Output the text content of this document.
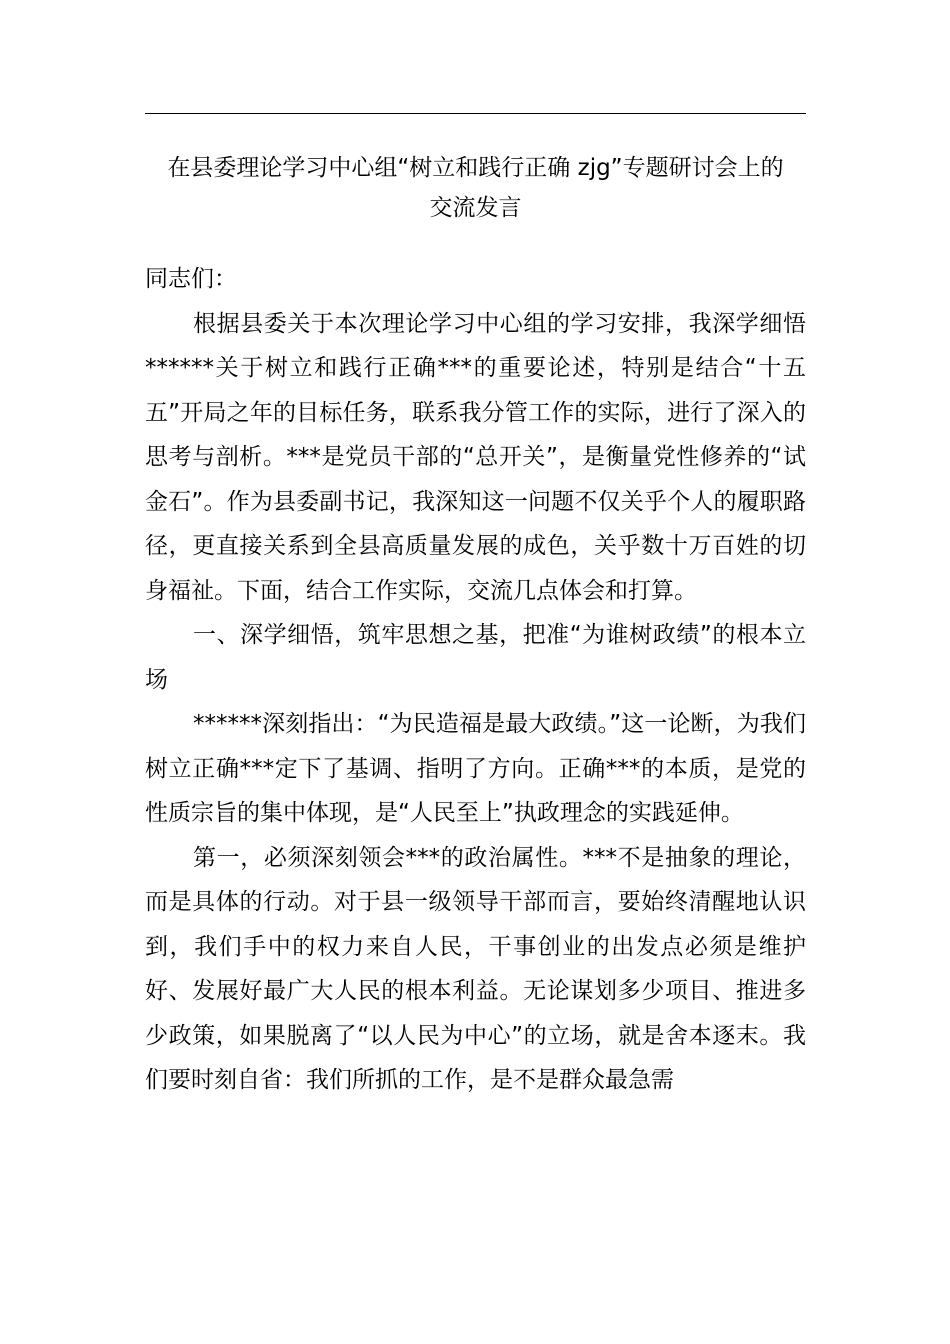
在县委理论学习中心组“树立和践行正确 zjg”专题研讨会上的
交流发言

同志们：

根据县委关于本次理论学习中心组的学习安排，我深学细悟******关于树立和践行正确***的重要论述，特别是结合“十五五”开局之年的目标任务，联系我分管工作的实际，进行了深入的思考与剖析。***是党员干部的“总开关”，是衡量党性修养的“试金石”。作为县委副书记，我深知这一问题不仅关乎个人的履职路径，更直接关系到全县高质量发展的成色，关乎数十万百姓的切身福祉。下面，结合工作实际，交流几点体会和打算。

一、深学细悟，筑牢思想之基，把准“为谁树政绩”的根本立场

******深刻指出：“为民造福是最大政绩。”这一论断，为我们树立正确***定下了基调、指明了方向。正确***的本质，是党的性质宗旨的集中体现，是“人民至上”执政理念的实践延伸。

第一，必须深刻领会***的政治属性。***不是抽象的理论，而是具体的行动。对于县一级领导干部而言，要始终清醒地认识到，我们手中的权力来自人民，干事创业的出发点必须是维护好、发展好最广大人民的根本利益。无论谋划多少项目、推进多少政策，如果脱离了“以人民为中心”的立场，就是舍本逐末。我们要时刻自省：我们所抓的工作，是不是群众最急需
